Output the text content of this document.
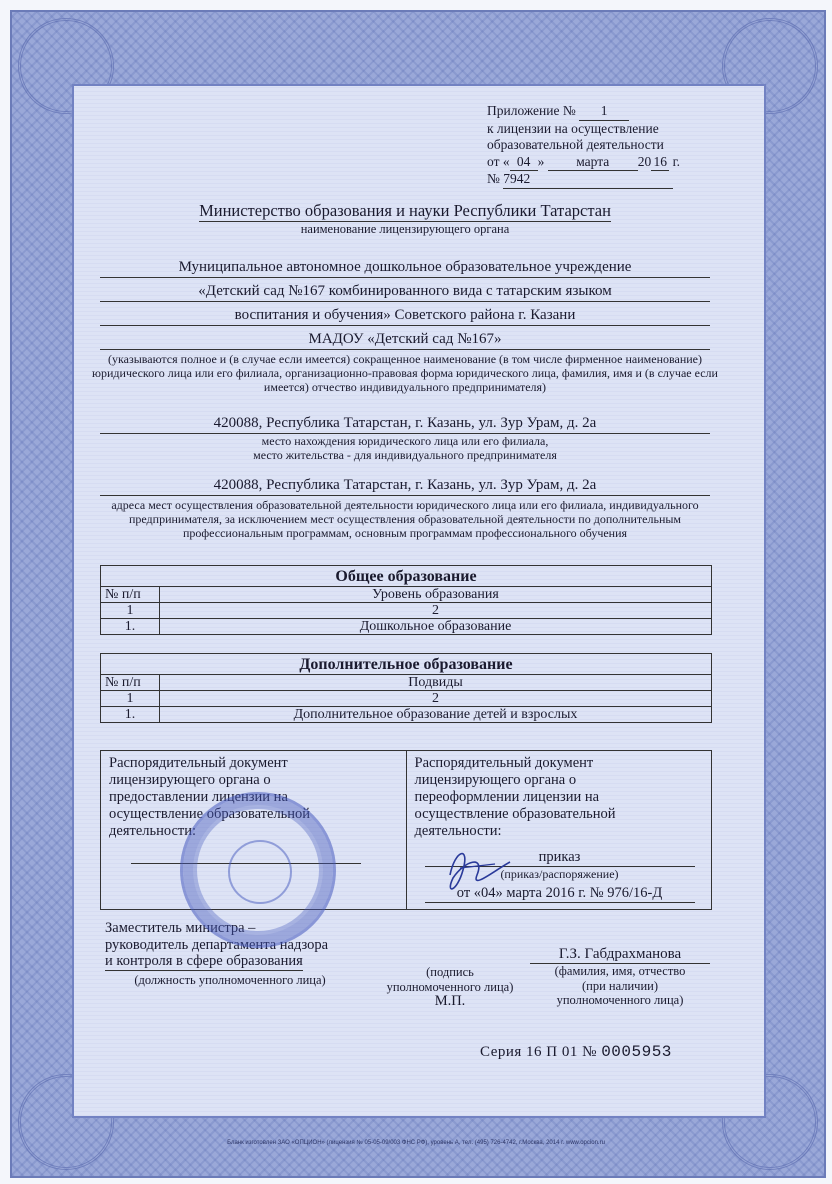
Приложение № 1
к лицензии на осуществление
образовательной деятельности
от « 04 » марта 20 16 г.
№ 7942
Министерство образования и науки Республики Татарстан
наименование лицензирующего органа
Муниципальное автономное дошкольное образовательное учреждение
«Детский сад №167 комбинированного вида с татарским языком
воспитания и обучения» Советского района г. Казани
МАДОУ «Детский сад №167»
(указываются полное и (в случае если имеется) сокращенное наименование (в том числе фирменное наименование) юридического лица или его филиала, организационно-правовая форма юридического лица, фамилия, имя и (в случае если имеется) отчество индивидуального предпринимателя)
420088, Республика Татарстан, г. Казань, ул. Зур Урам, д. 2а
место нахождения юридического лица или его филиала,
место жительства - для индивидуального предпринимателя
420088, Республика Татарстан, г. Казань, ул. Зур Урам, д. 2а
адреса мест осуществления образовательной деятельности юридического лица или его филиала, индивидуального предпринимателя, за исключением мест осуществления образовательной деятельности по дополнительным профессиональным программам, основным программам профессионального обучения
Общее образование	
№ п/п	Уровень образования
1	2
1.	Дошкольное образование
Дополнительное образование	
№ п/п	Подвиды
1	2
1.	Дополнительное образование детей и взрослых
Распорядительный документ лицензирующего органа о предоставлении лицензии на осуществление образовательной деятельности:
Распорядительный документ лицензирующего органа о переоформлении лицензии на осуществление образовательной деятельности:
приказ
(приказ/распоряжение)
от «04» марта 2016 г. № 976/16-Д
Заместитель министра –
руководитель департамента надзора
и контроля в сфере образования
(должность уполномоченного лица)
(подпись
уполномоченного лица)
М.П.
Г.З. Габдрахманова
(фамилия, имя, отчество
(при наличии)
уполномоченного лица)
Серия 16 П 01 № 0005953
Бланк изготовлен ЗАО «ОПЦИОН» (лицензия № 05-05-09/003 ФНС РФ), уровень А, тел. (495) 726-4742, г.Москва, 2014 г. www.opcion.ru
